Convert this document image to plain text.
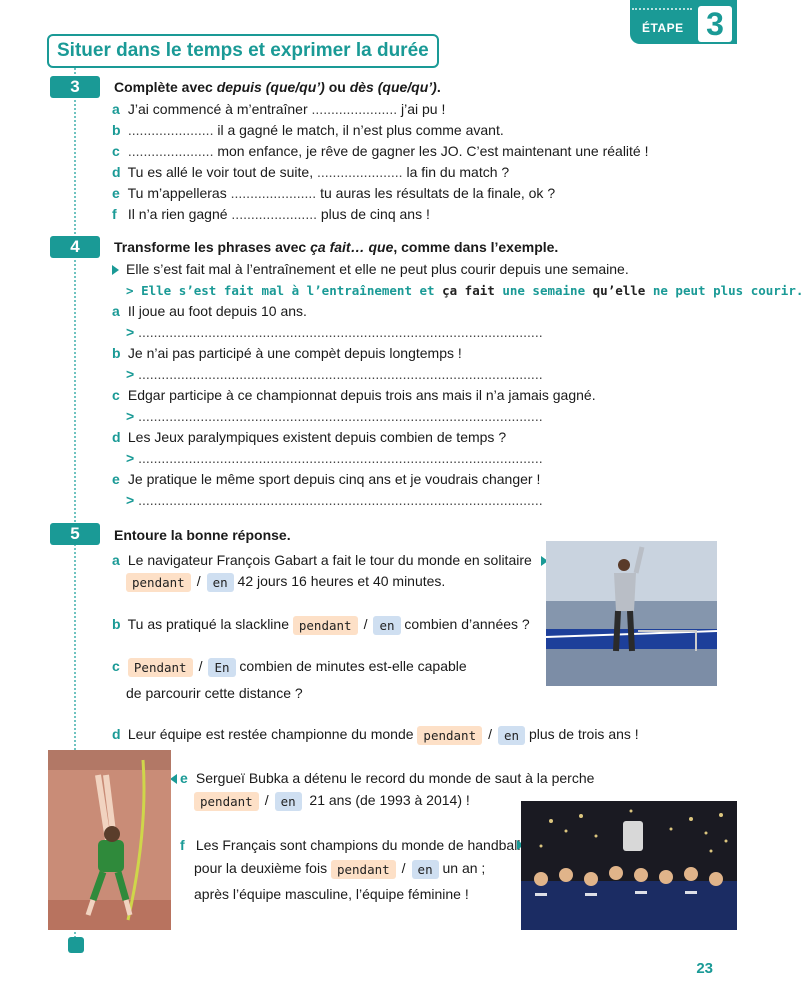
ÉTAPE 3
Situer dans le temps et exprimer la durée
3	Complète avec depuis (que/qu’) ou dès (que/qu’).
a J’ai commencé à m’entraîner ...................... j’ai pu !
b ...................... il a gagné le match, il n’est plus comme avant.
c ...................... mon enfance, je rêve de gagner les JO. C’est maintenant une réalité !
d Tu es allé le voir tout de suite, ...................... la fin du match ?
e Tu m’appelleras ...................... tu auras les résultats de la finale, ok ?
f Il n’a rien gagné ...................... plus de cinq ans !
4	Transforme les phrases avec ça fait… que, comme dans l’exemple.
Elle s’est fait mal à l’entraînement et elle ne peut plus courir depuis une semaine.
> Elle s’est fait mal à l’entraînement et ça fait une semaine qu’elle ne peut plus courir.
a Il joue au foot depuis 10 ans.
> ........................................................................................................
b Je n’ai pas participé à une compèt depuis longtemps !
> ........................................................................................................
c Edgar participe à ce championnat depuis trois ans mais il n’a jamais gagné.
> ........................................................................................................
d Les Jeux paralympiques existent depuis combien de temps ?
> ........................................................................................................
e Je pratique le même sport depuis cinq ans et je voudrais changer !
> ........................................................................................................
5	Entoure la bonne réponse.
a Le navigateur François Gabart a fait le tour du monde en solitaire
pendant / en 42 jours 16 heures et 40 minutes.
b Tu as pratiqué la slackline pendant / en combien d’années ?
c Pendant / En combien de minutes est-elle capable
de parcourir cette distance ?
d Leur équipe est restée championne du monde pendant / en plus de trois ans !
e Sergueï Bubka a détenu le record du monde de saut à la perche
pendant / en 21 ans (de 1993 à 2014) !
f Les Français sont champions du monde de handball
pour la deuxième fois pendant / en un an ;
après l’équipe masculine, l’équipe féminine !
23
